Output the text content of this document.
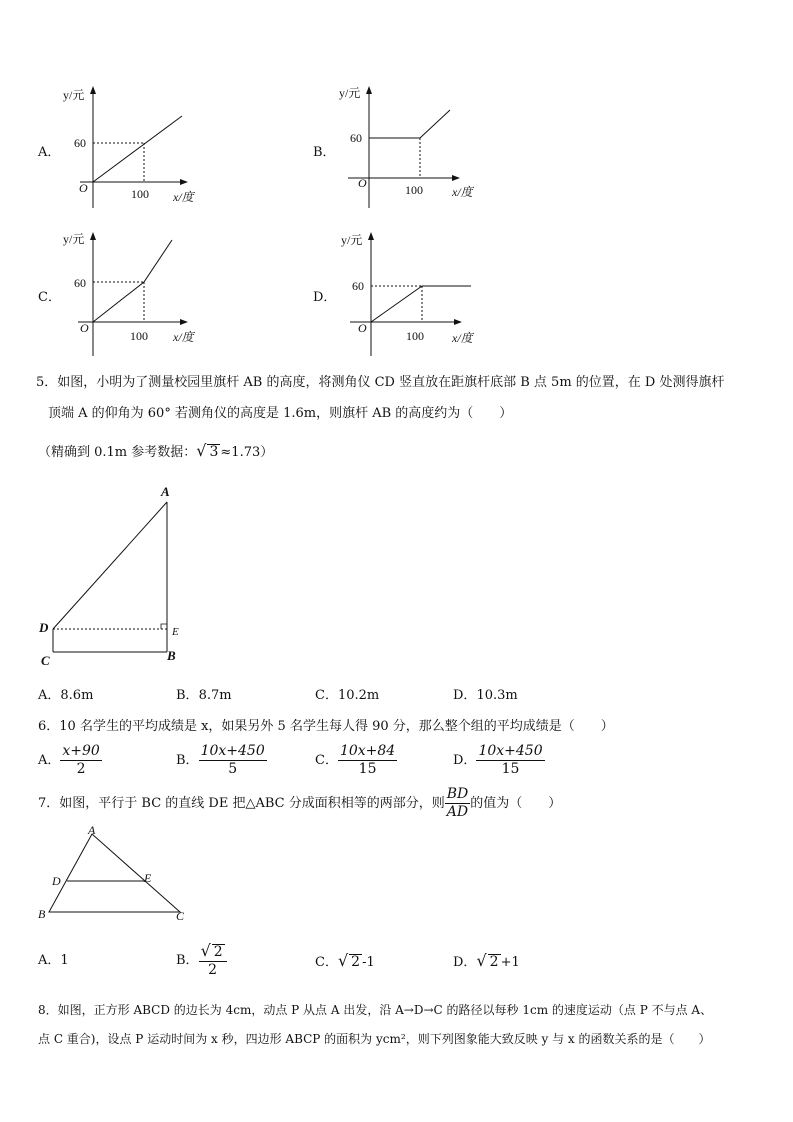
A．	B．
C．	D．
y/元
60
O	100 x/度
y/元
60
O	100 x/度
y/元
60
O
100 x/度
y/元
60
O
100 x/度
5．如图，小明为了测量校园里旗杆 AB 的高度，将测角仪 CD 竖直放在距旗杆底部 B 点 5m 的位置，在 D 处测得旗杆
顶端 A 的仰角为 60° 若测角仪的高度是 1.6m，则旗杆 AB 的高度约为（　　）
（精确到 0.1m 参考数据：√ 3 ≈1.73）
A
D	E
C	B
A．8.6m	B．8.7m	C．10.2m	D．10.3m
6．10 名学生的平均成绩是 x，如果另外 5 名学生每人得 90 分，那么整个组的平均成绩是（　　）
A． $\frac{x+90}{2}$	B． $\frac{10x+450}{5}$	C． $\frac{10x+84}{15}$	D． $\frac{10x+450}{15}$
7．如图，平行于 BC 的直线 DE 把△ABC 分成面积相等的两部分，则 $\frac{BD}{AD}$ 的值为（　　）
A
D	E
B	C
A．1	B． $\frac{√ 2}{2}$	C．√ 2 -1	D．√ 2 +1
8．如图，正方形 ABCD 的边长为 4cm，动点 P 从点 A 出发，沿 A→D→C 的路径以每秒 1cm 的速度运动（点 P 不与点 A、
点 C 重合)，设点 P 运动时间为 x 秒，四边形 ABCP 的面积为 ycm²，则下列图象能大致反映 y 与 x 的函数关系的是（　　）
